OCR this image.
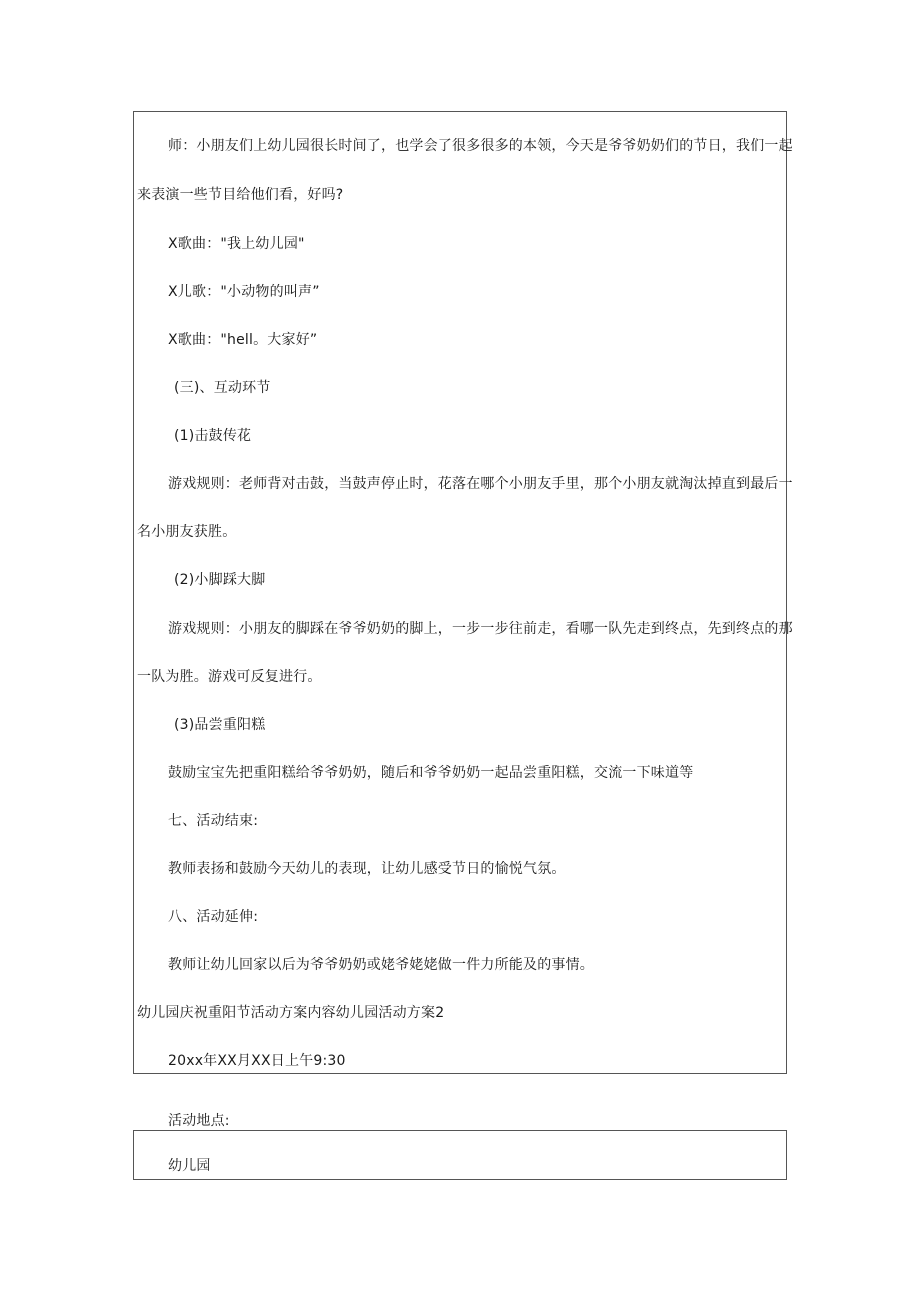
师：小朋友们上幼儿园很长时间了，也学会了很多很多的本领，今天是爷爷奶奶们的节日，我们一起
来表演一些节目给他们看，好吗?
X歌曲："我上幼儿园"
X儿歌："小动物的叫声”
X歌曲："hell。大家好”
(三)、互动环节
(1)击鼓传花
游戏规则：老师背对击鼓，当鼓声停止时，花落在哪个小朋友手里，那个小朋友就淘汰掉直到最后一
名小朋友获胜。
(2)小脚踩大脚
游戏规则：小朋友的脚踩在爷爷奶奶的脚上，一步一步往前走，看哪一队先走到终点，先到终点的那
一队为胜。游戏可反复进行。
(3)品尝重阳糕
鼓励宝宝先把重阳糕给爷爷奶奶，随后和爷爷奶奶一起品尝重阳糕，交流一下味道等
七、活动结束:
教师表扬和鼓励今天幼儿的表现，让幼儿感受节日的愉悦气氛。
八、活动延伸:
教师让幼儿回家以后为爷爷奶奶或姥爷姥姥做一件力所能及的事情。
幼儿园庆祝重阳节活动方案内容幼儿园活动方案2
20xx年XX月XX日上午9:30
活动地点:
幼儿园
